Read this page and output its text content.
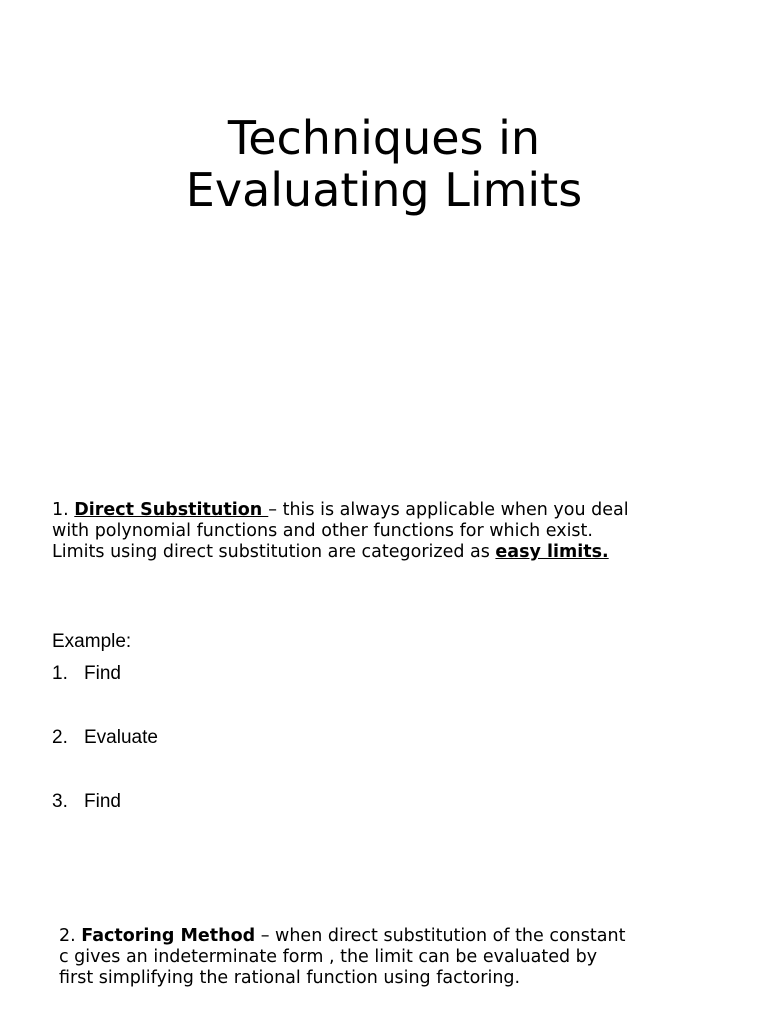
Techniques in
Evaluating Limits
1. Direct Substitution – this is always applicable when you deal
with polynomial functions and other functions for which exist.
Limits using direct substitution are categorized as easy limits.
Example:
1. Find
2. Evaluate
3. Find
2. Factoring Method – when direct substitution of the constant
c gives an indeterminate form , the limit can be evaluated by
first simplifying the rational function using factoring.
